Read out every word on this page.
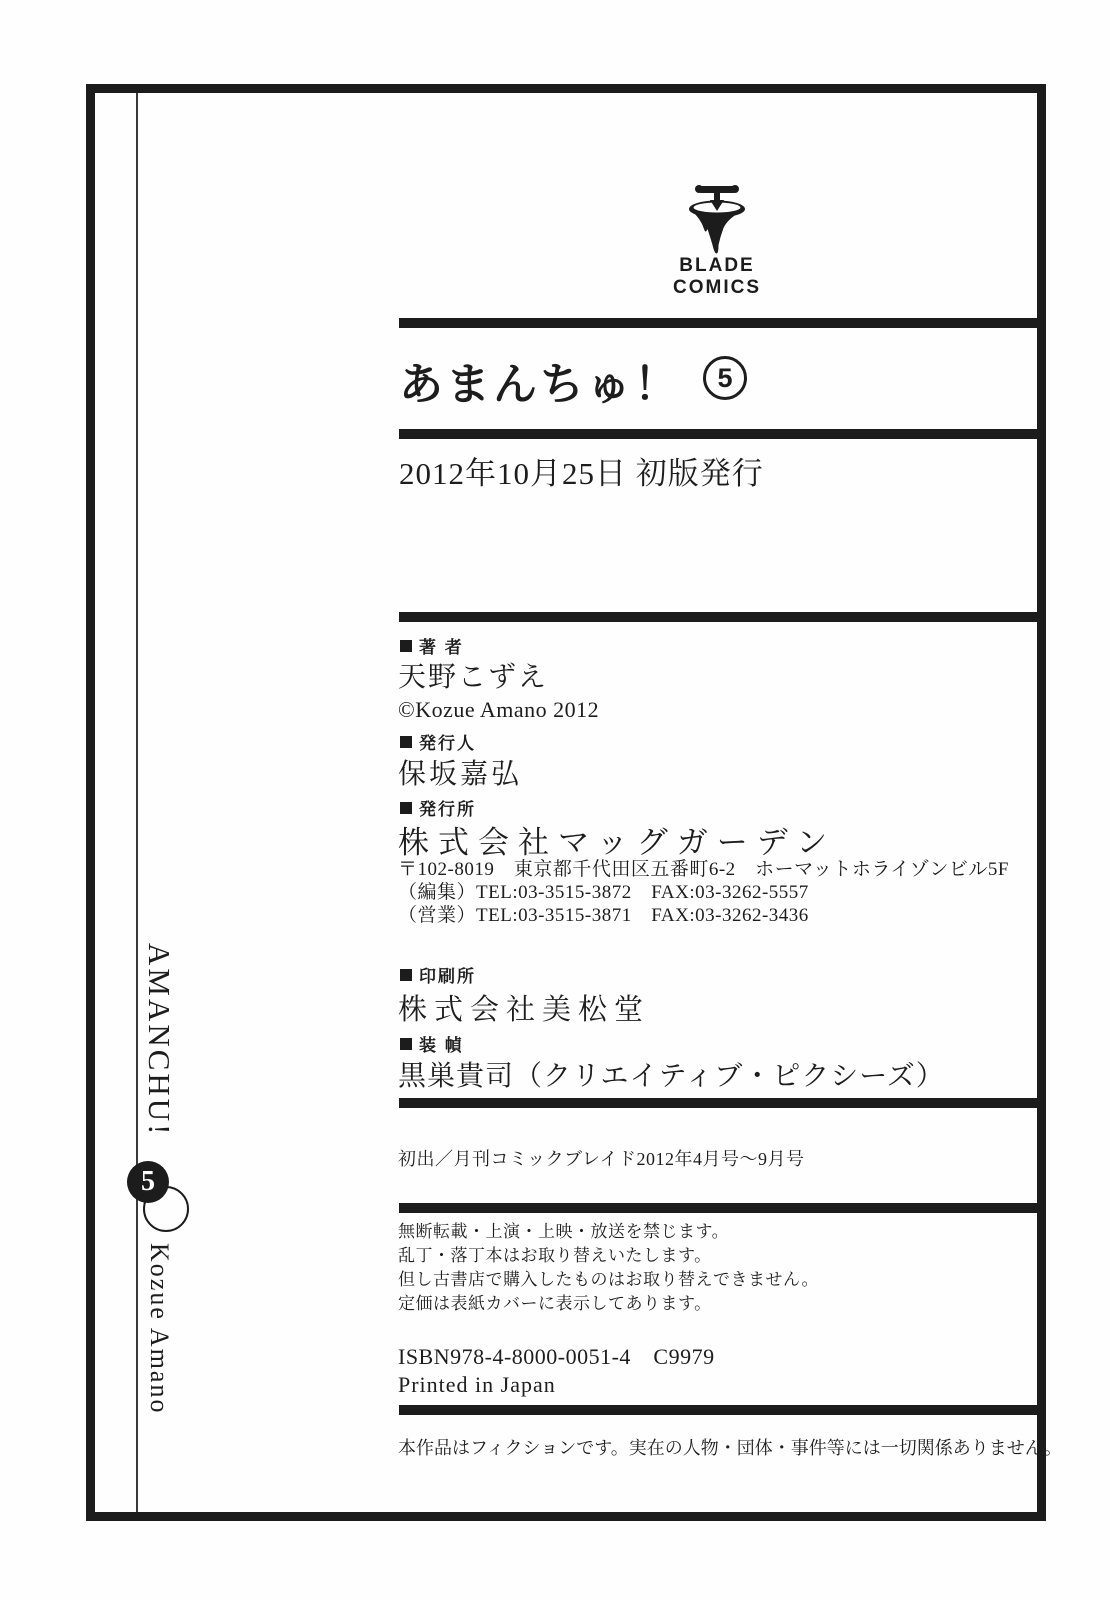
AMANCHU!
5
Kozue Amano
BLADE
COMICS
あまんちゅ！ 5
2012年10月25日 初版発行
著 者
天野こずえ
©Kozue Amano 2012
発行人
保坂嘉弘
発行所
株式会社マッグガーデン
〒102-8019　東京都千代田区五番町6-2　ホーマットホライゾンビル5F
（編集）TEL:03-3515-3872　FAX:03-3262-5557
（営業）TEL:03-3515-3871　FAX:03-3262-3436
印刷所
株式会社美松堂
装 幀
黒巣貴司（クリエイティブ・ピクシーズ）
初出／月刊コミックブレイド2012年4月号～9月号
無断転載・上演・上映・放送を禁じます。
乱丁・落丁本はお取り替えいたします。
但し古書店で購入したものはお取り替えできません。
定価は表紙カバーに表示してあります。
ISBN978-4-8000-0051-4　C9979
Printed in Japan
本作品はフィクションです。実在の人物・団体・事件等には一切関係ありません。
